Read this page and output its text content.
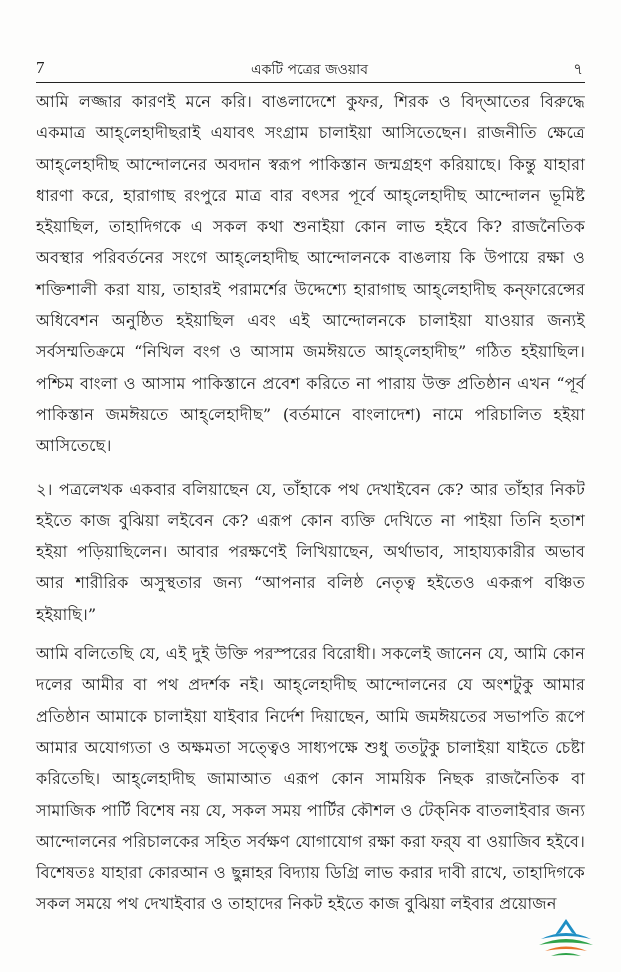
7	একটি পত্রের জওয়াব	৭

আমি লজ্জার কারণই মনে করি। বাঙলাদেশে কুফর, শিরক ও বিদ্‌আতের বিরুদ্ধে একমাত্র আহ্‌লেহাদীছরাই এযাবৎ সংগ্রাম চালাইয়া আসিতেছেন। রাজনীতি ক্ষেত্রে আহ্‌লেহাদীছ আন্দোলনের অবদান স্বরূপ পাকিস্তান জন্মগ্রহণ করিয়াছে। কিন্তু যাহারা ধারণা করে, হারাগাছ রংপুরে মাত্র বার বৎসর পূর্বে আহ্‌লেহাদীছ আন্দোলন ভূমিষ্ট হইয়াছিল, তাহাদিগকে এ সকল কথা শুনাইয়া কোন লাভ হইবে কি? রাজনৈতিক অবস্থার পরিবর্তনের সংগে আহ্‌লেহাদীছ আন্দোলনকে বাঙলায় কি উপায়ে রক্ষা ও শক্তিশালী করা যায়, তাহারই পরামর্শের উদ্দেশ্যে হারাগাছ আহ্‌লেহাদীছ কন্‌ফারেন্সের অধিবেশন অনুষ্ঠিত হইয়াছিল এবং এই আন্দোলনকে চালাইয়া যাওয়ার জন্যই সর্বসম্মতিক্রমে “নিখিল বংগ ও আসাম জমঈয়তে আহ্‌লেহাদীছ” গঠিত হইয়াছিল।পশ্চিম বাংলা ও আসাম পাকিস্তানে প্রবেশ করিতে না পারায় উক্ত প্রতিষ্ঠান এখন “পূর্ব পাকিস্তান জমঈয়তে আহ্‌লেহাদীছ” (বর্তমানে বাংলাদেশ) নামে পরিচালিত হইয়া আসিতেছে।

২। পত্রলেখক একবার বলিয়াছেন যে, তাঁহাকে পথ দেখাইবেন কে? আর তাঁহার নিকট হইতে কাজ বুঝিয়া লইবেন কে? এরূপ কোন ব্যক্তি দেখিতে না পাইয়া তিনি হতাশ হইয়া পড়িয়াছিলেন। আবার পরক্ষণেই লিখিয়াছেন, অর্থাভাব, সাহায্যকারীর অভাব আর শারীরিক অসুস্থতার জন্য “আপনার বলিষ্ঠ নেতৃত্ব হইতেও একরূপ বঞ্চিত হইয়াছি।”

আমি বলিতেছি যে, এই দুই উক্তি পরস্পরের বিরোধী। সকলেই জানেন যে, আমি কোন দলের আমীর বা পথ প্রদর্শক নই। আহ্‌লেহাদীছ আন্দোলনের যে অংশটুকু আমার প্রতিষ্ঠান আমাকে চালাইয়া যাইবার নির্দেশ দিয়াছেন, আমি জমঈয়তের সভাপতি রূপে আমার অযোগ্যতা ও অক্ষমতা সত্ত্বেও সাধ্যপক্ষে শুধু ততটুকু চালাইয়া যাইতে চেষ্টা করিতেছি। আহ্‌লেহাদীছ জামাআত এরূপ কোন সাময়িক নিছক রাজনৈতিক বা সামাজিক পার্টি বিশেষ নয় যে, সকল সময় পার্টির কৌশল ও টেক্‌নিক বাতলাইবার জন্য আন্দোলনের পরিচালকের সহিত সর্বক্ষণ যোগাযোগ রক্ষা করা ফর্‌য বা ওয়াজিব হইবে। বিশেষতঃ যাহারা কোরআন ও ছুন্নাহর বিদ্যায় ডিগ্রি লাভ করার দাবী রাখে, তাহাদিগকে সকল সময়ে পথ দেখাইবার ও তাহাদের নিকট হইতে কাজ বুঝিয়া লইবার প্রয়োজন
